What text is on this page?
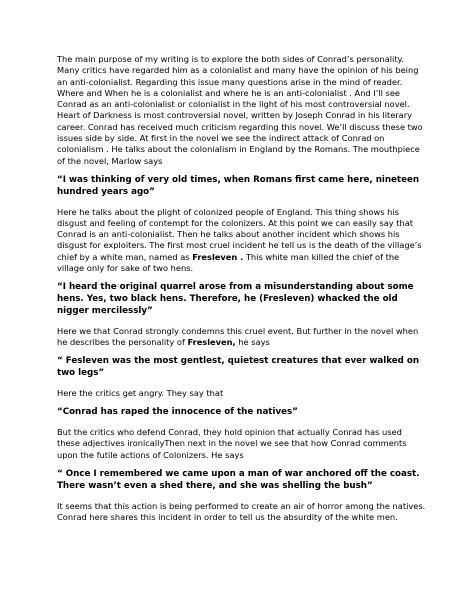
The main purpose of my writing is to explore the both sides of Conrad’s personality. Many critics have regarded him as a colonialist and many have the opinion of his being an anti-colonialist. Regarding this issue many questions arise in the mind of reader. Where and When he is a colonialist and where he is an anti-colonialist . And I’ll see Conrad as an anti-colonialist or colonialist in the light of his most controversial novel. Heart of Darkness is most controversial novel, written by Joseph Conrad in his literary career. Conrad has received much criticism regarding this novel. We’ll discuss these two issues side by side. At first in the novel we see the indirect attack of Conrad on colonialism . He talks about the colonialism in England by the Romans. The mouthpiece of the novel, Marlow says

“I was thinking of very old times, when Romans first came here, nineteen hundred years ago”

Here he talks about the plight of colonized people of England. This thing shows his disgust and feeling of contempt for the colonizers. At this point we can easily say that Conrad is an anti-colonialist. Then he talks about another incident which shows his disgust for exploiters. The first most cruel incident he tell us is the death of the village’s chief by a white man, named as Fresleven . This white man killed the chief of the village only for sake of two hens.

“I heard the original quarrel arose from a misunderstanding about some hens. Yes, two black hens. Therefore, he (Fresleven) whacked the old nigger mercilessly”

Here we that Conrad strongly condemns this cruel event. But further in the novel when he describes the personality of Fresleven, he says

“ Fesleven was the most gentlest, quietest creatures that ever walked on two legs”

Here the critics get angry. They say that

“Conrad has raped the innocence of the natives”

But the critics who defend Conrad, they hold opinion that actually Conrad has used these adjectives ironicallyThen next in the novel we see that how Conrad comments upon the futile actions of Colonizers. He says

“ Once I remembered we came upon a man of war anchored off the coast. There wasn’t even a shed there, and she was shelling the bush”

It seems that this action is being performed to create an air of horror among the natives. Conrad here shares this incident in order to tell us the absurdity of the white men.
